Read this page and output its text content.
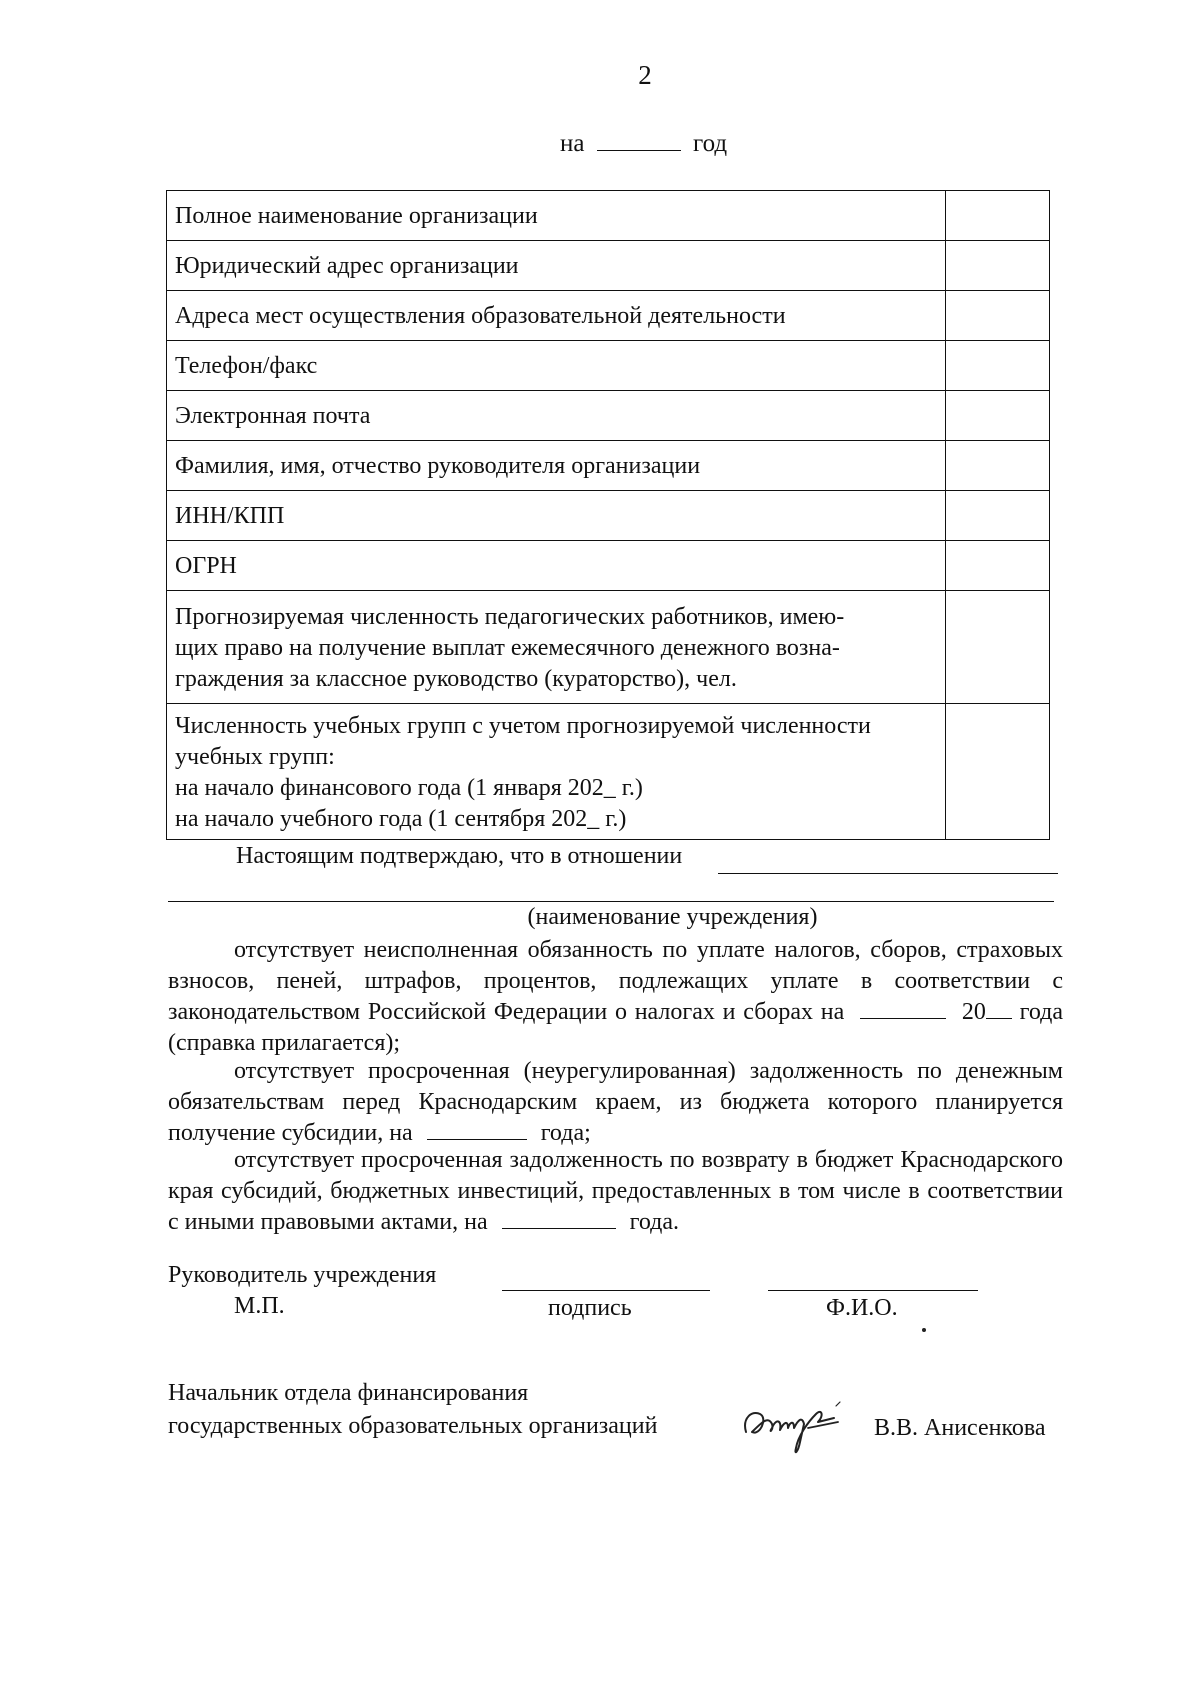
2
на	год
Полное наименование организации	
Юридический адрес организации	
Адреса мест осуществления образовательной деятельности	
Телефон/факс	
Электронная почта	
Фамилия, имя, отчество руководителя организации	
ИНН/КПП	
ОГРН	

Прогнозируемая численность педагогических работников, имею-
щих право на получение выплат ежемесячного денежного возна-
граждения за классное руководство (кураторство), чел.	

Численность учебных групп с учетом прогнозируемой численности
учебных групп:
на начало финансового года (1 января 202_ г.)
на начало учебного года (1 сентября 202_ г.)	

Настоящим подтверждаю, что в отношении
(наименование учреждения)
отсутствует неисполненная обязанность по уплате налогов, сборов, страховых взносов, пеней, штрафов, процентов, подлежащих уплате в соответствии с законодательством Российской Федерации о налогах и сборах на	20 года (справка прилагается);
отсутствует просроченная (неурегулированная) задолженность по денежным обязательствам перед Краснодарским краем, из бюджета которого планируется получение субсидии, на	года;
отсутствует просроченная задолженность по возврату в бюджет Краснодарского края субсидий, бюджетных инвестиций, предоставленных в том числе в соответствии с иными правовыми актами, на	года.
Руководитель учреждения
М.П.	подпись	Ф.И.О.
Начальник отдела финансирования
государственных образовательных организаций	В.В. Анисенкова
